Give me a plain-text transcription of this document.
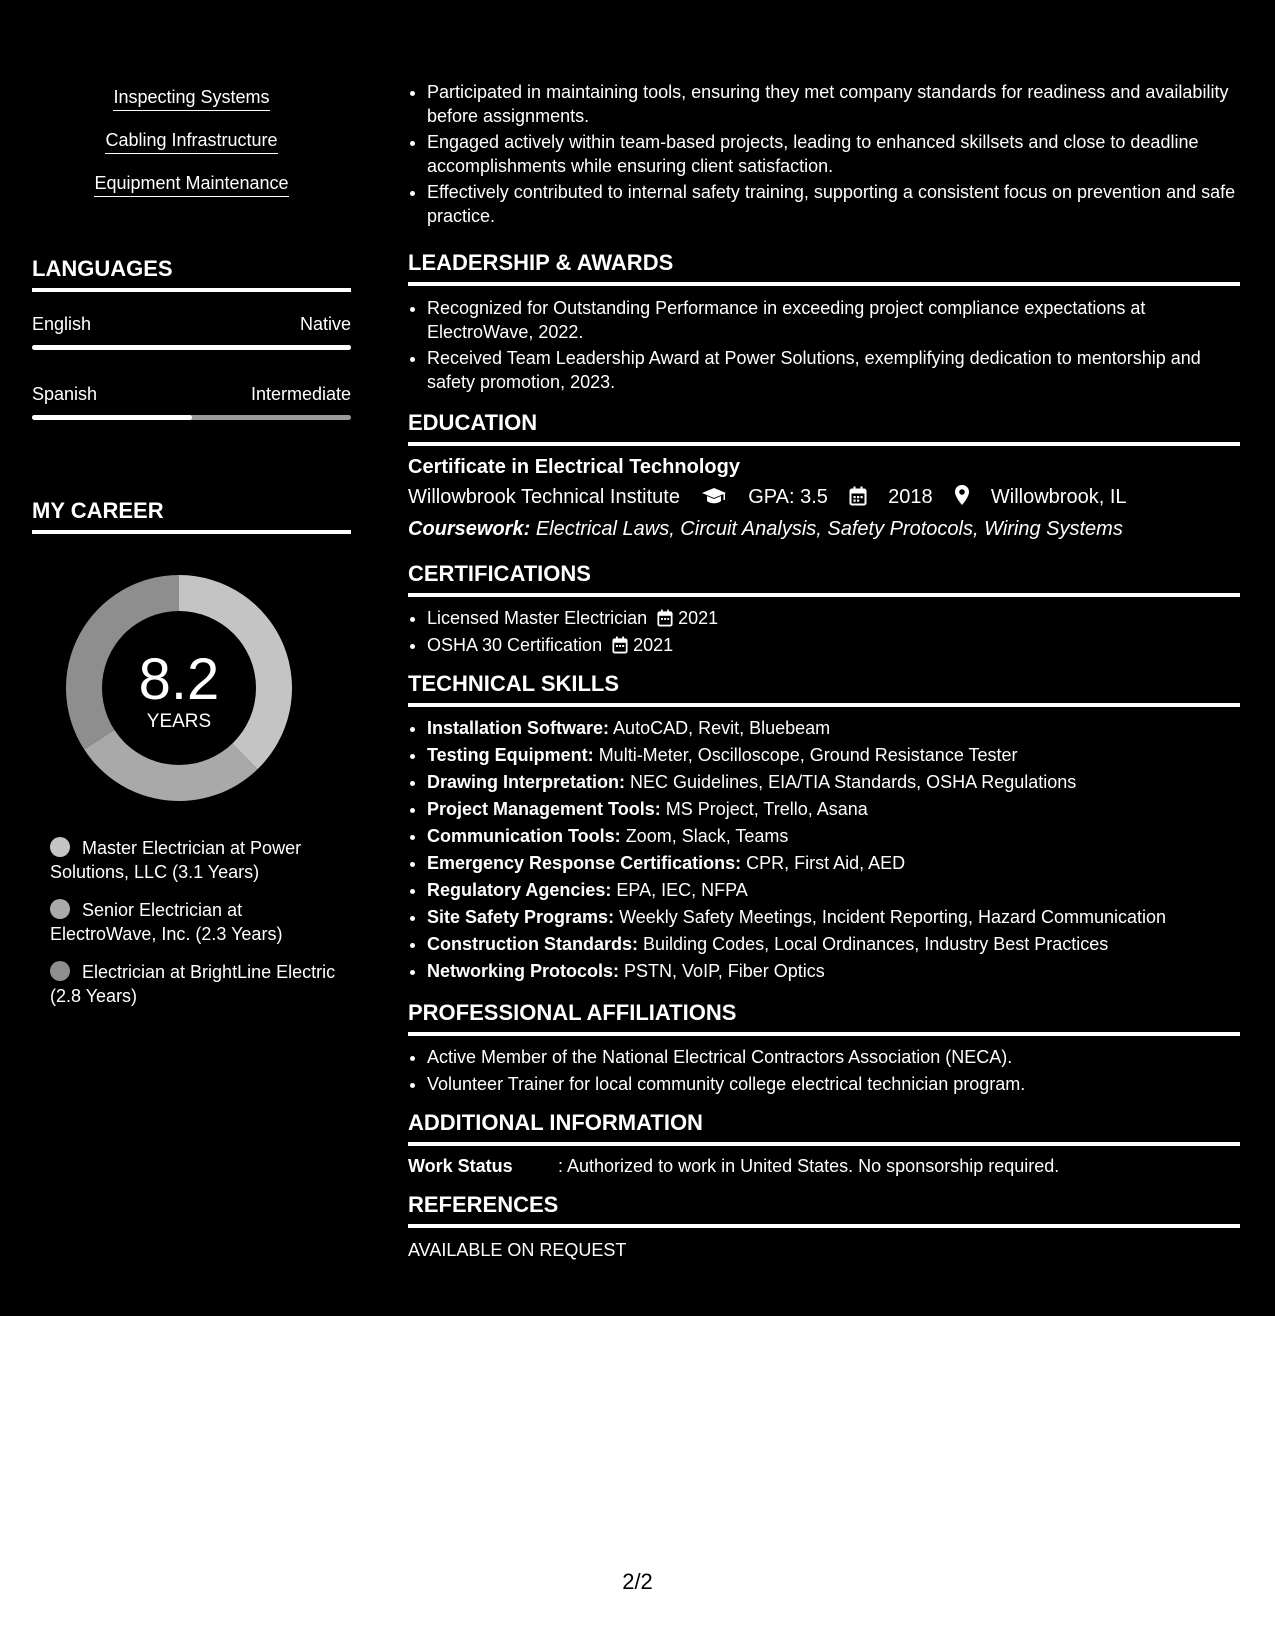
Inspecting Systems
Cabling Infrastructure
Equipment Maintenance
LANGUAGES
English	Native
Spanish	Intermediate
MY CAREER
8.2
YEARS
Master Electrician at Power Solutions, LLC (3.1 Years)
Senior Electrician at ElectroWave, Inc. (2.3 Years)
Electrician at BrightLine Electric (2.8 Years)
• Participated in maintaining tools, ensuring they met company standards for readiness and availability before assignments.
• Engaged actively within team-based projects, leading to enhanced skillsets and close to deadline accomplishments while ensuring client satisfaction.
• Effectively contributed to internal safety training, supporting a consistent focus on prevention and safe practice.
LEADERSHIP & AWARDS
• Recognized for Outstanding Performance in exceeding project compliance expectations at ElectroWave, 2022.
• Received Team Leadership Award at Power Solutions, exemplifying dedication to mentorship and safety promotion, 2023.
EDUCATION
Certificate in Electrical Technology
Willowbrook Technical Institute	GPA: 3.5	2018	Willowbrook, IL
Coursework: Electrical Laws, Circuit Analysis, Safety Protocols, Wiring Systems
CERTIFICATIONS
• Licensed Master Electrician 2021
• OSHA 30 Certification 2021
TECHNICAL SKILLS
• Installation Software: AutoCAD, Revit, Bluebeam
• Testing Equipment: Multi-Meter, Oscilloscope, Ground Resistance Tester
• Drawing Interpretation: NEC Guidelines, EIA/TIA Standards, OSHA Regulations
• Project Management Tools: MS Project, Trello, Asana
• Communication Tools: Zoom, Slack, Teams
• Emergency Response Certifications: CPR, First Aid, AED
• Regulatory Agencies: EPA, IEC, NFPA
• Site Safety Programs: Weekly Safety Meetings, Incident Reporting, Hazard Communication
• Construction Standards: Building Codes, Local Ordinances, Industry Best Practices
• Networking Protocols: PSTN, VoIP, Fiber Optics
PROFESSIONAL AFFILIATIONS
• Active Member of the National Electrical Contractors Association (NECA).
• Volunteer Trainer for local community college electrical technician program.
ADDITIONAL INFORMATION
Work Status	: Authorized to work in United States. No sponsorship required.
REFERENCES
AVAILABLE ON REQUEST
2/2
